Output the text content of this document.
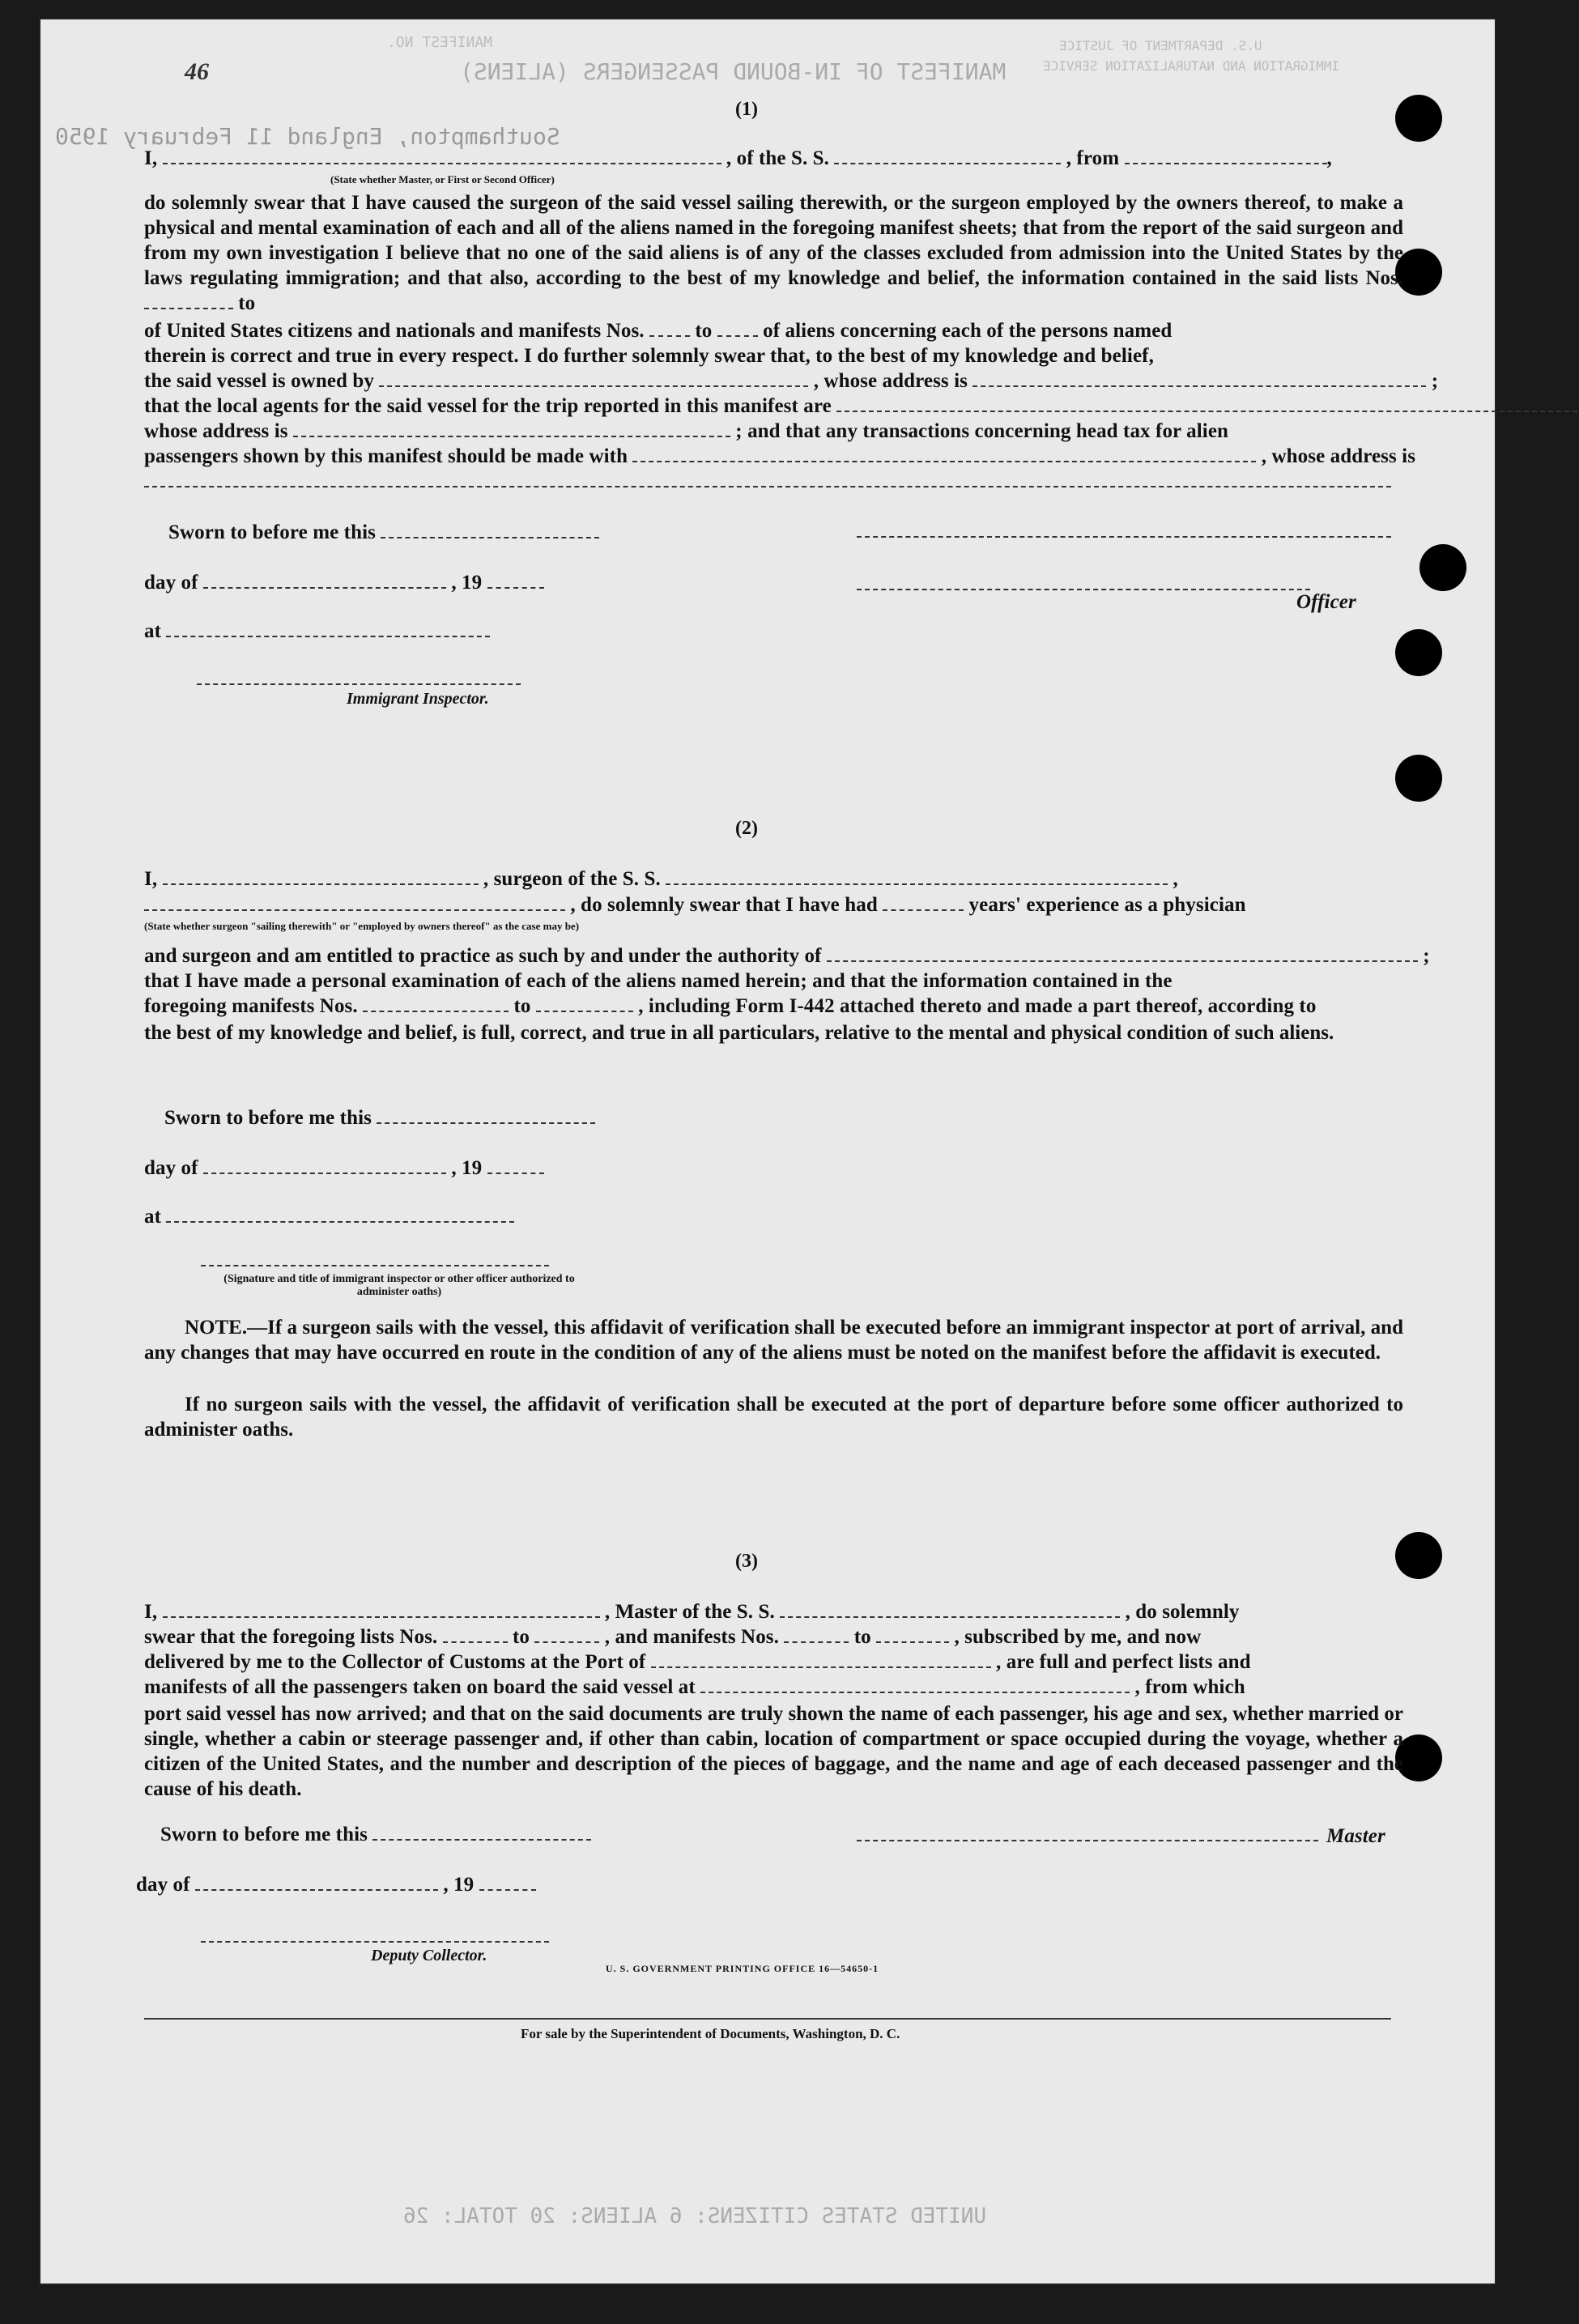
MANIFEST NO.
MANIFEST OF IN-BOUND PASSENGERS (ALIENS)
Southampton, England 11 February 1950
U.S. DEPARTMENT OF JUSTICE
IMMIGRATION AND NATURALIZATION SERVICE
UNITED STATES CITIZENS: 6 ALIENS: 20 TOTAL: 26
46
(1)
I,	, of the S. S.	, from	,
(State whether Master, or First or Second Officer)
do solemnly swear that I have caused the surgeon of the said vessel sailing therewith, or the surgeon employed by the owners thereof, to make a physical and mental examination of each and all of the aliens named in the foregoing manifest sheets; that from the report of the said surgeon and from my own investigation I believe that no one of the said aliens is of any of the classes excluded from admission into the United States by the laws regulating immigration; and that also, according to the best of my knowledge and belief, the information contained in the said lists Nos.  to
of United States citizens and nationals and manifests Nos.	to	of aliens concerning each of the persons named
therein is correct and true in every respect. I do further solemnly swear that, to the best of my knowledge and belief,
the said vessel is owned by	, whose address is	;
that the local agents for the said vessel for the trip reported in this manifest are
whose address is	; and that any transactions concerning head tax for alien
passengers shown by this manifest should be made with	, whose address is
Sworn to before me this
day of	, 19
Officer
at
Immigrant Inspector.
(2)
I,	, surgeon of the S. S.	,
, do solemnly swear that I have had	years' experience as a physician
(State whether surgeon "sailing therewith" or "employed by owners thereof" as the case may be)
and surgeon and am entitled to practice as such by and under the authority of	;
that I have made a personal examination of each of the aliens named herein; and that the information contained in the
foregoing manifests Nos.	to	, including Form I-442 attached thereto and made a part thereof, according to
the best of my knowledge and belief, is full, correct, and true in all particulars, relative to the mental and physical condition of such aliens.
Sworn to before me this
day of	, 19
at
(Signature and title of immigrant inspector or other officer authorized to administer oaths)
NOTE.—If a surgeon sails with the vessel, this affidavit of verification shall be executed before an immigrant inspector at port of arrival, and any changes that may have occurred en route in the condition of any of the aliens must be noted on the manifest before the affidavit is executed.
If no surgeon sails with the vessel, the affidavit of verification shall be executed at the port of departure before some officer authorized to administer oaths.
(3)
I,	, Master of the S. S.	, do solemnly
swear that the foregoing lists Nos.	to	, and manifests Nos.	to	, subscribed by me, and now
delivered by me to the Collector of Customs at the Port of	, are full and perfect lists and
manifests of all the passengers taken on board the said vessel at	, from which
port said vessel has now arrived; and that on the said documents are truly shown the name of each passenger, his age and sex, whether married or single, whether a cabin or steerage passenger and, if other than cabin, location of compartment or space occupied during the voyage, whether a citizen of the United States, and the number and description of the pieces of baggage, and the name and age of each deceased passenger and the cause of his death.
Sworn to before me this	Master
day of	, 19
Deputy Collector.
U. S. GOVERNMENT PRINTING OFFICE 16—54650-1
For sale by the Superintendent of Documents, Washington, D. C.
